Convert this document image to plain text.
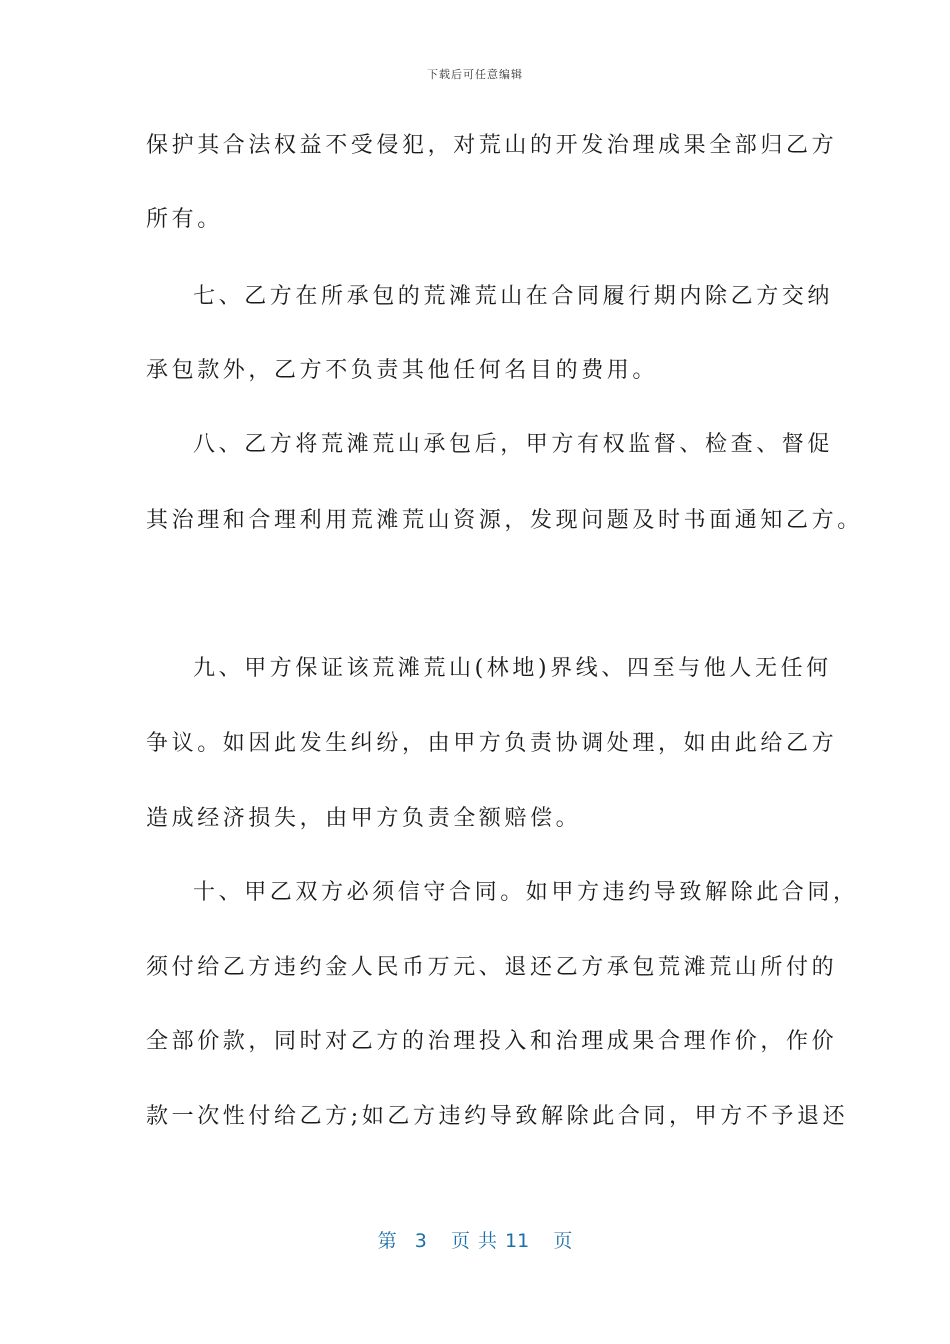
下载后可任意编辑
保护其合法权益不受侵犯，对荒山的开发治理成果全部归乙方
所有。
七、乙方在所承包的荒滩荒山在合同履行期内除乙方交纳
承包款外，乙方不负责其他任何名目的费用。
八、乙方将荒滩荒山承包后，甲方有权监督、检查、督促
其治理和合理利用荒滩荒山资源，发现问题及时书面通知乙方。
九、甲方保证该荒滩荒山(林地)界线、四至与他人无任何
争议。如因此发生纠纷，由甲方负责协调处理，如由此给乙方
造成经济损失，由甲方负责全额赔偿。
十、甲乙双方必须信守合同。如甲方违约导致解除此合同，
须付给乙方违约金人民币万元、退还乙方承包荒滩荒山所付的
全部价款，同时对乙方的治理投入和治理成果合理作价，作价
款一次性付给乙方;如乙方违约导致解除此合同，甲方不予退还
第 3 页共11 页
